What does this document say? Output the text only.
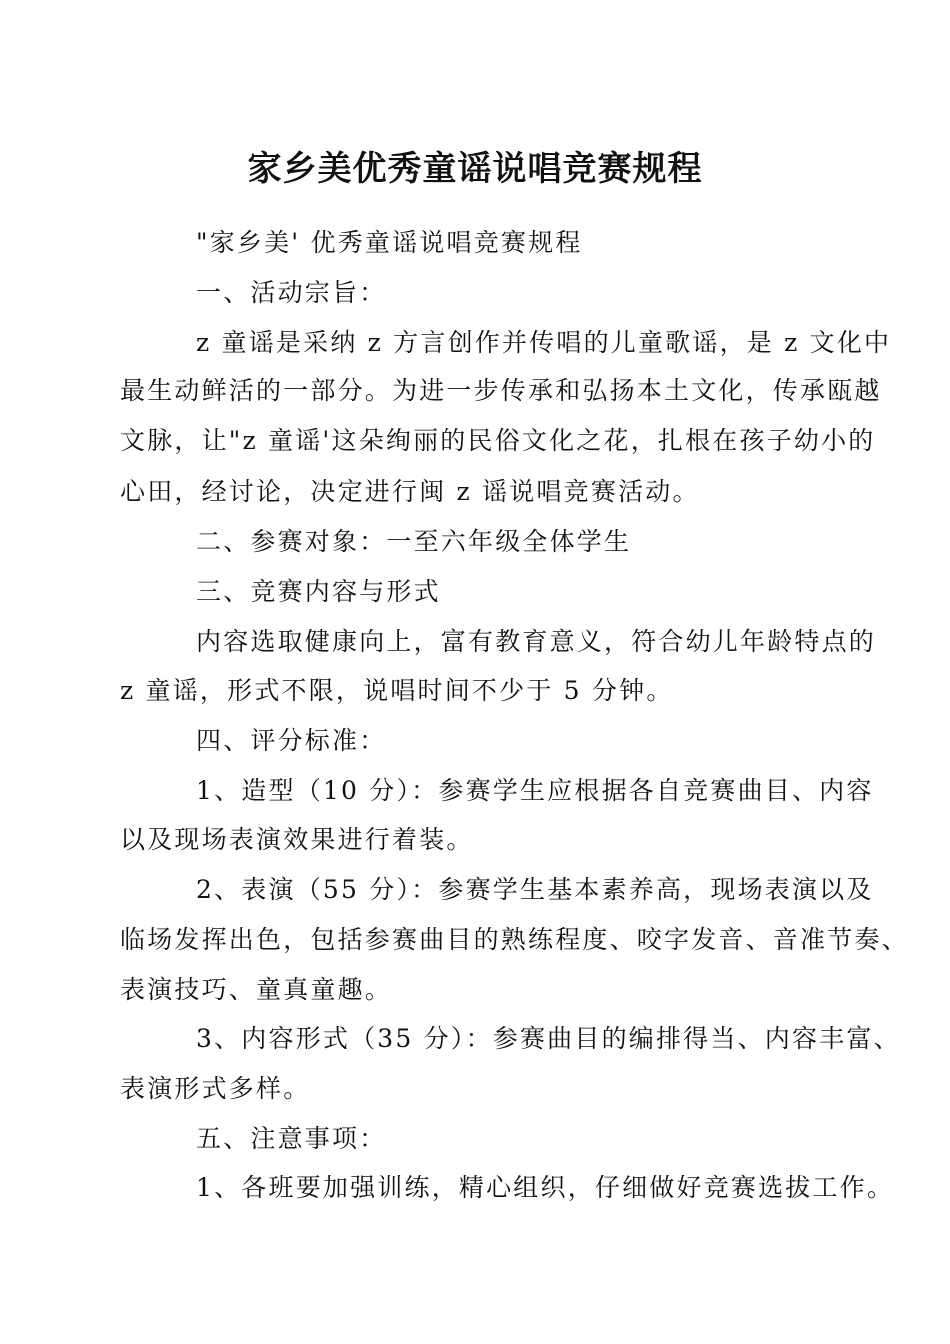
家乡美优秀童谣说唱竞赛规程
"家乡美' 优秀童谣说唱竞赛规程
一、活动宗旨：
z 童谣是采纳 z 方言创作并传唱的儿童歌谣，是 z 文化中
最生动鲜活的一部分。为进一步传承和弘扬本土文化，传承瓯越
文脉，让"z 童谣'这朵绚丽的民俗文化之花，扎根在孩子幼小的
心田，经讨论，决定进行闽 z 谣说唱竞赛活动。
二、参赛对象：一至六年级全体学生
三、竞赛内容与形式
内容选取健康向上，富有教育意义，符合幼儿年龄特点的
z 童谣，形式不限，说唱时间不少于 5 分钟。
四、评分标准：
1、造型（10 分）：参赛学生应根据各自竞赛曲目、内容
以及现场表演效果进行着装。
2、表演（55 分）：参赛学生基本素养高，现场表演以及
临场发挥出色，包括参赛曲目的熟练程度、咬字发音、音准节奏、
表演技巧、童真童趣。
3、内容形式（35 分）：参赛曲目的编排得当、内容丰富、
表演形式多样。
五、注意事项：
1、各班要加强训练，精心组织，仔细做好竞赛选拔工作。
